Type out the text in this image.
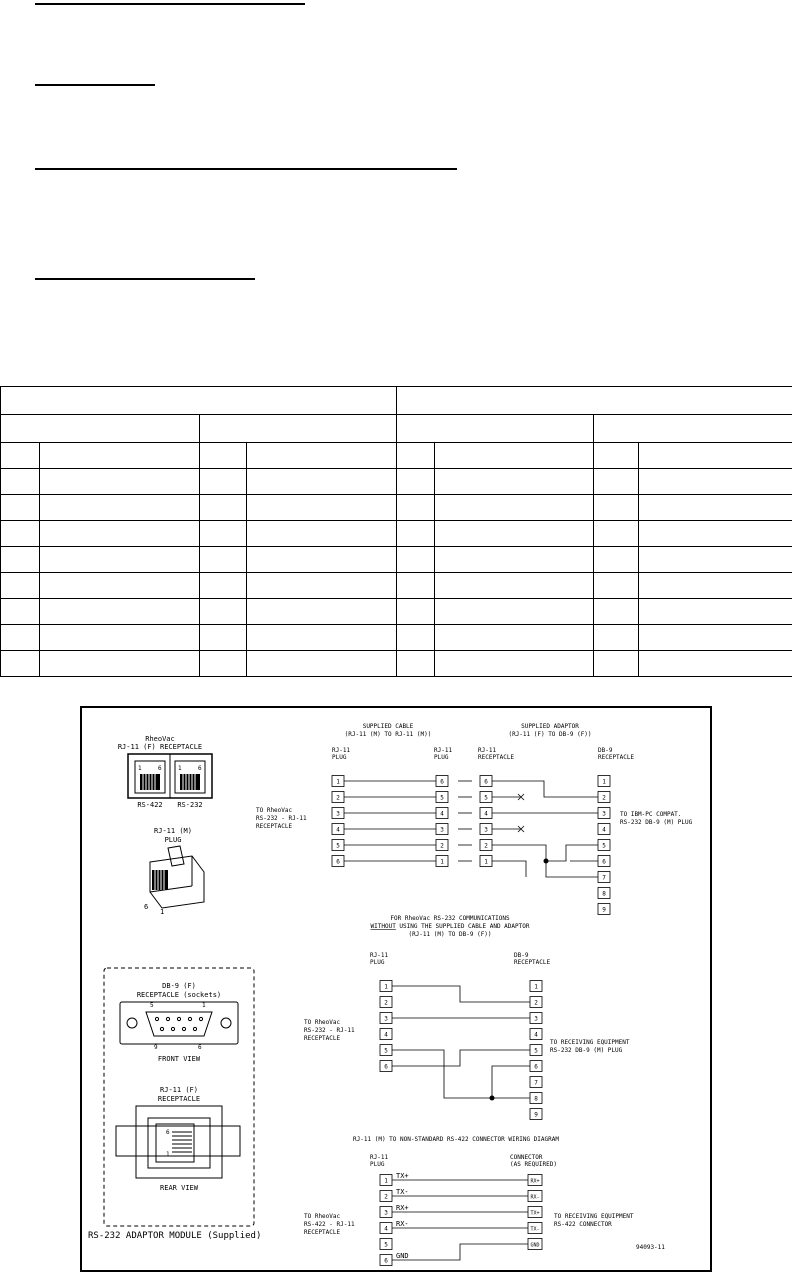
RheoVac
RJ-11 (F) RECEPTACLE
1	6	1	6
RS-422 RS-232
RJ-11 (M)
PLUG
6
1
DB-9 (F)
RECEPTACLE (sockets)
5	1
9	6
FRONT VIEW
RJ-11 (F)
RECEPTACLE
6
1
REAR VIEW
RS-232 ADAPTOR MODULE (Supplied)
SUPPLIED CABLE
(RJ-11 (M) TO RJ-11 (M))
SUPPLIED ADAPTOR
(RJ-11 (F) TO DB-9 (F))
RJ-11
PLUG
RJ-11
PLUG
RJ-11
RECEPTACLE
DB-9
RECEPTACLE
TO RheoVac
RS-232 - RJ-11
RECEPTACLE
TO IBM-PC COMPAT.
RS-232 DB-9 (M) PLUG
1
2
3
4
5
6
6
5
4
3
2
1
6
5
4
3
2
1
1
2
3
4
5
6
7
8
9
FOR RheoVac RS-232 COMMUNICATIONS
WITHOUT USING THE SUPPLIED CABLE AND ADAPTOR
(RJ-11 (M) TO DB-9 (F))
RJ-11
PLUG
DB-9
RECEPTACLE
TO RheoVac
RS-232 - RJ-11
RECEPTACLE
TO RECEIVING EQUIPMENT
RS-232 DB-9 (M) PLUG
1
2
3
4
5
6
1
2
3
4
5
6
7
8
9
RJ-11 (M) TO NON-STANDARD RS-422 CONNECTOR WIRING DIAGRAM
RJ-11
PLUG
CONNECTOR
(AS REQUIRED)
TO RheoVac
RS-422 - RJ-11
RECEPTACLE
TO RECEIVING EQUIPMENT
RS-422 CONNECTOR
94093-11
1
2
3
4
5
6
RX+
RX-
TX+
TX-
GND
TX+
TX-
RX+
RX-
GND
